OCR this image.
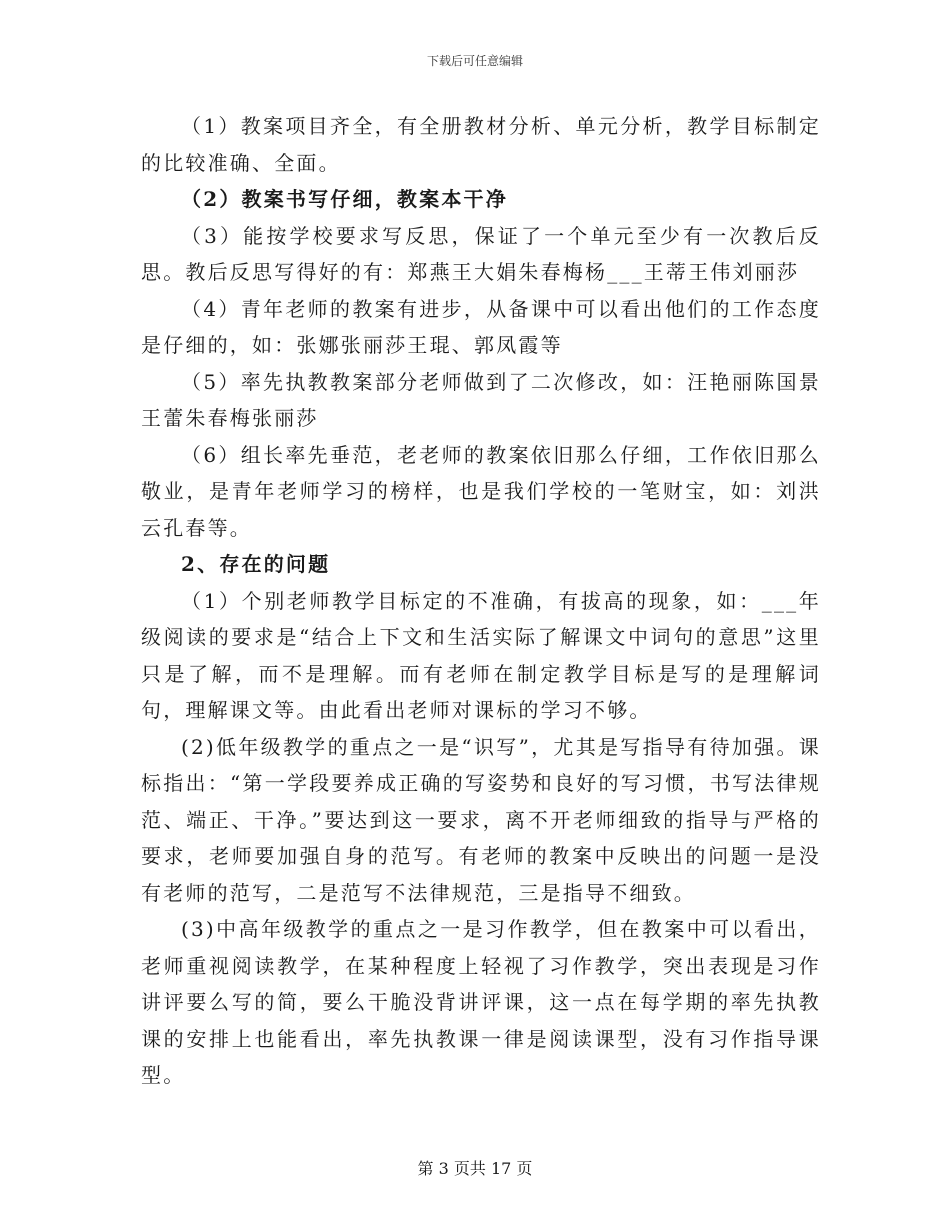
下载后可任意编辑

（1）教案项目齐全，有全册教材分析、单元分析，教学目标制定的比较准确、全面。

（2）教案书写仔细，教案本干净

（3）能按学校要求写反思，保证了一个单元至少有一次教后反思。教后反思写得好的有：郑燕王大娟朱春梅杨___王蒂王伟刘丽莎

（4）青年老师的教案有进步，从备课中可以看出他们的工作态度是仔细的，如：张娜张丽莎王琨、郭凤霞等

（5）率先执教教案部分老师做到了二次修改，如：汪艳丽陈国景王蕾朱春梅张丽莎

（6）组长率先垂范，老老师的教案依旧那么仔细，工作依旧那么敬业，是青年老师学习的榜样，也是我们学校的一笔财宝，如：刘洪云孔春等。

2、存在的问题

（1）个别老师教学目标定的不准确，有拔高的现象，如：___年级阅读的要求是“结合上下文和生活实际了解课文中词句的意思”这里只是了解，而不是理解。而有老师在制定教学目标是写的是理解词句，理解课文等。由此看出老师对课标的学习不够。

(2)低年级教学的重点之一是“识写”，尤其是写指导有待加强。课标指出：“第一学段要养成正确的写姿势和良好的写习惯，书写法律规范、端正、干净。”要达到这一要求，离不开老师细致的指导与严格的要求，老师要加强自身的范写。有老师的教案中反映出的问题一是没有老师的范写，二是范写不法律规范，三是指导不细致。

(3)中高年级教学的重点之一是习作教学，但在教案中可以看出，老师重视阅读教学，在某种程度上轻视了习作教学，突出表现是习作讲评要么写的简，要么干脆没背讲评课，这一点在每学期的率先执教课的安排上也能看出，率先执教课一律是阅读课型，没有习作指导课型。

第 3 页共 17 页
